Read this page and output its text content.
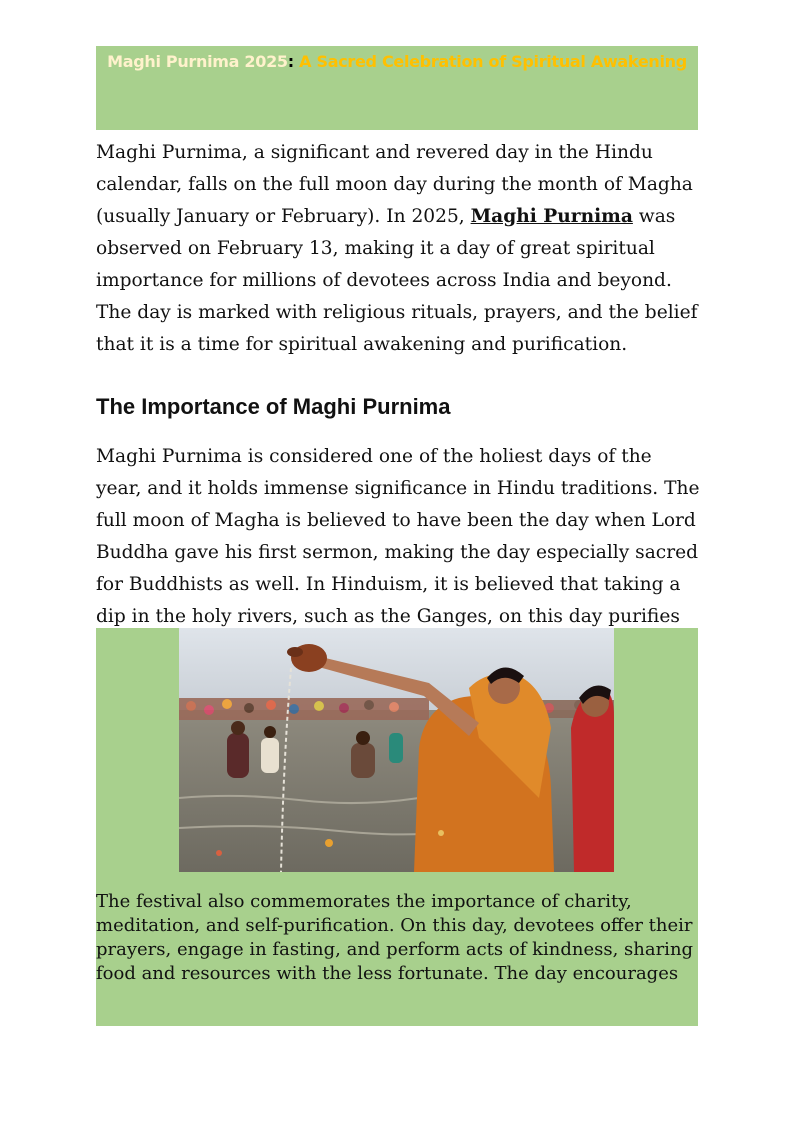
Maghi Purnima 2025: A Sacred Celebration of Spiritual Awakening

Maghi Purnima, a significant and revered day in the Hindu calendar, falls on the full moon day during the month of Magha (usually January or February). In 2025, Maghi Purnima was observed on February 13, making it a day of great spiritual importance for millions of devotees across India and beyond. The day is marked with religious rituals, prayers, and the belief that it is a time for spiritual awakening and purification.

The Importance of Maghi Purnima

Maghi Purnima is considered one of the holiest days of the year, and it holds immense significance in Hindu traditions. The full moon of Magha is believed to have been the day when Lord Buddha gave his first sermon, making the day especially sacred for Buddhists as well. In Hinduism, it is believed that taking a dip in the holy rivers, such as the Ganges, on this day purifies

The festival also commemorates the importance of charity, meditation, and self-purification. On this day, devotees offer their prayers, engage in fasting, and perform acts of kindness, sharing food and resources with the less fortunate. The day encourages
